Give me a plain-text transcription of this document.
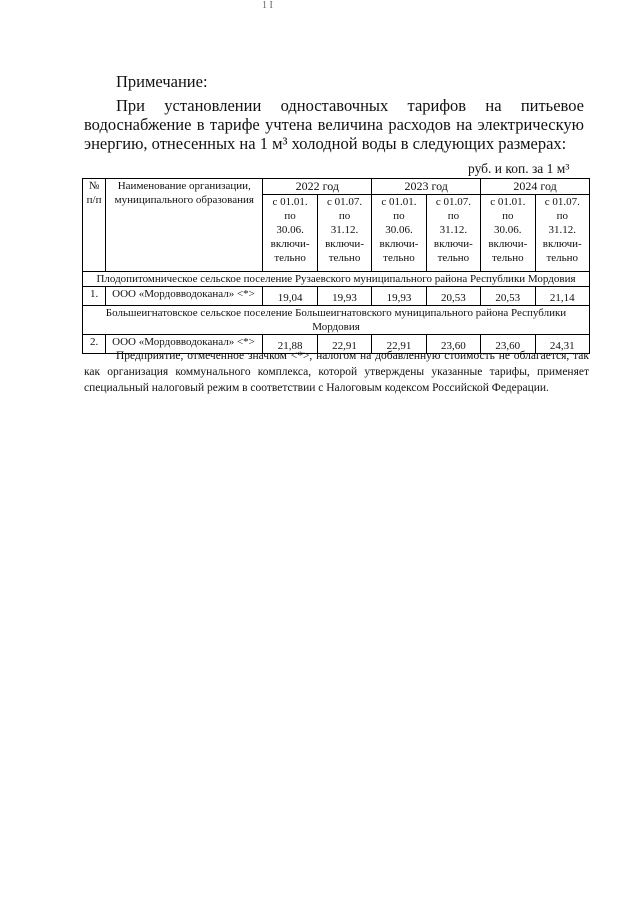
1 I
Примечание:
При установлении одноставочных тарифов на питьевое водоснабжение в тарифе учтена величина расходов на электрическую энергию, отнесенных на 1 м³ холодной воды в следующих размерах:
руб. и коп. за 1 м³
№ п/п	Наименование организации, муниципального образования	2022 год		2023 год		2024 год	

		с 01.01.
по
30.06.
включи-
тельно	с 01.07.
по
31.12.
включи-
тельно	с 01.01.
по
30.06.
включи-
тельно	с 01.07.
по
31.12.
включи-
тельно	с 01.01.
по
30.06.
включи-
тельно	с 01.07.
по
31.12.
включи-
тельно

Плодопитомническое сельское поселение Рузаевского муниципального района Республики Мордовия							
1.	ООО «Мордовводоканал» <*>	19,04	19,93	19,93	20,53	20,53	21,14
Большеигнатовское сельское поселение Большеигнатовского муниципального района Республики Мордовия							
2.	ООО «Мордовводоканал» <*>	21,88	22,91	22,91	23,60	23,60	24,31
Предприятие, отмеченное значком <*>, налогом на добавленную стоимость не облагается, так как организация коммунального комплекса, которой утверждены указанные тарифы, применяет специальный налоговый режим в соответствии с Налоговым кодексом Российской Федерации.
